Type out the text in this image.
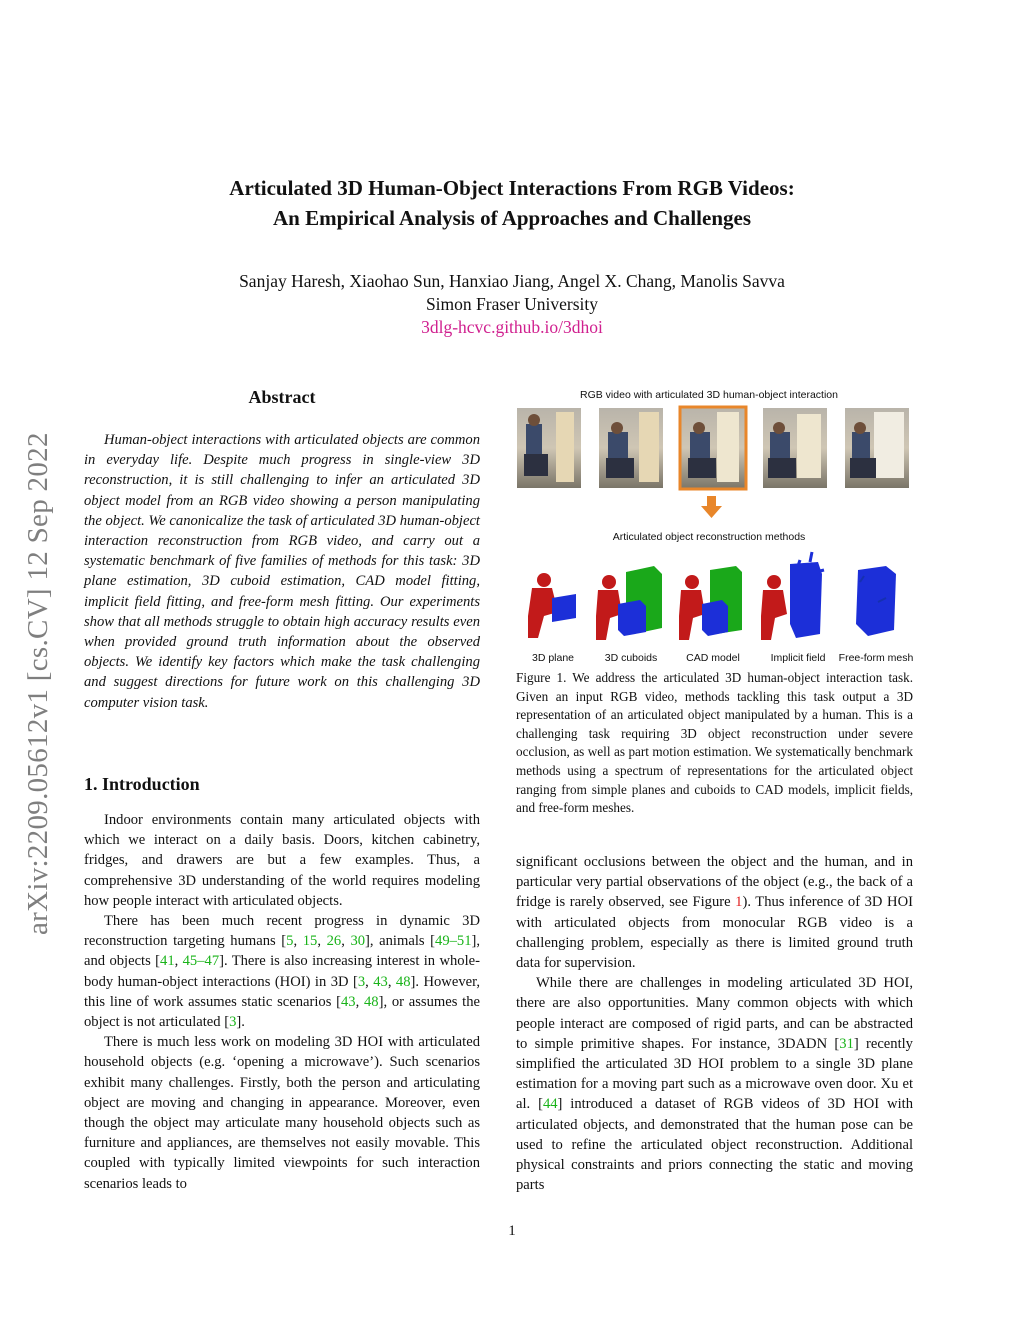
arXiv:2209.05612v1 [cs.CV] 12 Sep 2022
Articulated 3D Human-Object Interactions From RGB Videos:
An Empirical Analysis of Approaches and Challenges
Sanjay Haresh, Xiaohao Sun, Hanxiao Jiang, Angel X. Chang, Manolis Savva
Simon Fraser University
3dlg-hcvc.github.io/3dhoi
Abstract

Human-object interactions with articulated objects are common in everyday life. Despite much progress in single-view 3D reconstruction, it is still challenging to infer an articulated 3D object model from an RGB video showing a person manipulating the object. We canonicalize the task of articulated 3D human-object interaction reconstruction from RGB video, and carry out a systematic benchmark of five families of methods for this task: 3D plane estimation, 3D cuboid estimation, CAD model fitting, implicit field fitting, and free-form mesh fitting. Our experiments show that all methods struggle to obtain high accuracy results even when provided ground truth information about the observed objects. We identify key factors which make the task challenging and suggest directions for future work on this challenging 3D computer vision task.

1. Introduction

Indoor environments contain many articulated objects with which we interact on a daily basis. Doors, kitchen cabinetry, fridges, and drawers are but a few examples. Thus, a comprehensive 3D understanding of the world requires modeling how people interact with articulated objects.

There has been much recent progress in dynamic 3D reconstruction targeting humans [5, 15, 26, 30], animals [49–51], and objects [41, 45–47]. There is also increasing interest in whole-body human-object interactions (HOI) in 3D [3, 43, 48]. However, this line of work assumes static scenarios [43, 48], or assumes the object is not articulated [3].

There is much less work on modeling 3D HOI with articulated household objects (e.g. ‘opening a microwave’). Such scenarios exhibit many challenges. Firstly, both the person and articulating object are moving and changing in appearance. Moreover, even though the object may articulate many household objects such as furniture and appliances, are themselves not easily movable. This coupled with typically limited viewpoints for such interaction scenarios leads to

RGB video with articulated 3D human-object interaction
Articulated object reconstruction methods
3D plane	3D cuboids	CAD model	Implicit field	Free-form mesh
Figure 1. We address the articulated 3D human-object interaction task. Given an input RGB video, methods tackling this task output a 3D representation of an articulated object manipulated by a human. This is a challenging task requiring 3D object reconstruction under severe occlusion, as well as part motion estimation. We systematically benchmark methods using a spectrum of representations for the articulated object ranging from simple planes and cuboids to CAD models, implicit fields, and free-form meshes.

significant occlusions between the object and the human, and in particular very partial observations of the object (e.g., the back of a fridge is rarely observed, see Figure 1). Thus inference of 3D HOI with articulated objects from monocular RGB video is a challenging problem, especially as there is limited ground truth data for supervision.

While there are challenges in modeling articulated 3D HOI, there are also opportunities. Many common objects with which people interact are composed of rigid parts, and can be abstracted to simple primitive shapes. For instance, 3DADN [31] recently simplified the articulated 3D HOI problem to a single 3D plane estimation for a moving part such as a microwave oven door. Xu et al. [44] introduced a dataset of RGB videos of 3D HOI with articulated objects, and demonstrated that the human pose can be used to refine the articulated object reconstruction. Additional physical constraints and priors connecting the static and moving parts

1
